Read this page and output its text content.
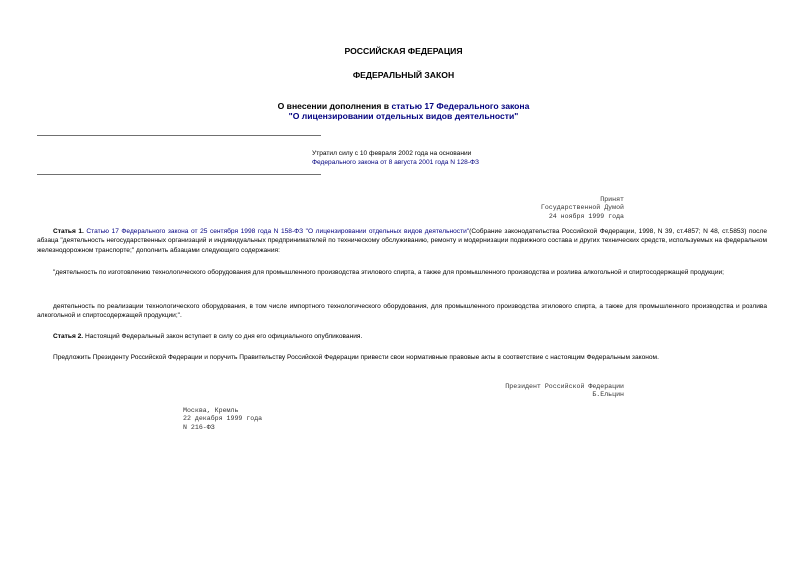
РОССИЙСКАЯ ФЕДЕРАЦИЯ
ФЕДЕРАЛЬНЫЙ ЗАКОН
О внесении дополнения в статью 17 Федерального закона
"О лицензировании отдельных видов деятельности"
Утратил силу с 10 февраля 2002 года на основании
Федерального закона от 8 августа 2001 года N 128-ФЗ
Принят
Государственной Думой
24 ноября 1999 года
Статья 1. Статью 17 Федерального закона от 25 сентября 1998 года N 158-ФЗ "О лицензировании отдельных видов деятельности"(Собрание законодательства Российской Федерации, 1998, N 39, ст.4857; N 48, ст.5853) после абзаца "деятельность негосударственных организаций и индивидуальных предпринимателей по техническому обслуживанию, ремонту и модернизации подвижного состава и других технических средств, используемых на федеральном железнодорожном транспорте;" дополнить абзацами следующего содержания:
"деятельность по изготовлению технологического оборудования для промышленного производства этилового спирта, а также для промышленного производства и розлива алкогольной и спиртосодержащей продукции;
деятельность по реализации технологического оборудования, в том числе импортного технологического оборудования, для промышленного производства этилового спирта, а также для промышленного производства и розлива алкогольной и спиртосодержащей продукции;".
Статья 2. Настоящий Федеральный закон вступает в силу со дня его официального опубликования.
Предложить Президенту Российской Федерации и поручить Правительству Российской Федерации привести свои нормативные правовые акты в соответствие с настоящим Федеральным законом.
Президент Российской Федерации
Б.Ельцин
Москва, Кремль
22 декабря 1999 года
N 216-ФЗ
